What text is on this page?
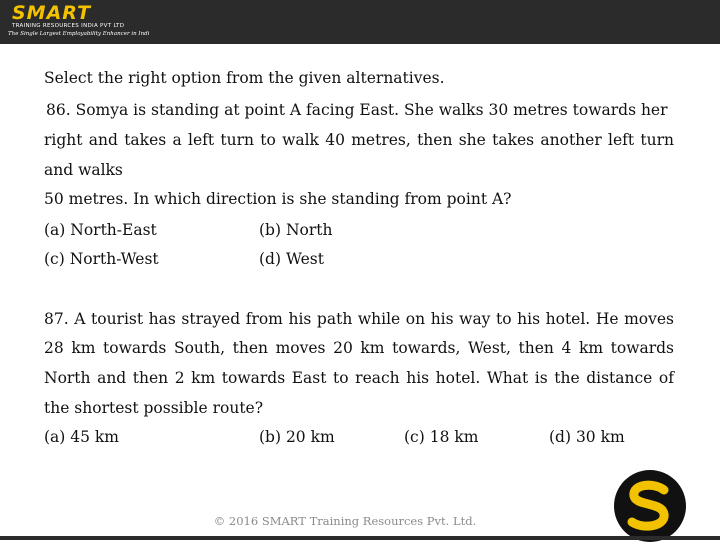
SMART
TRAINING RESOURCES INDIA PVT LTD
The Single Largest Employability Enhancer in Indi
Select the right option from the given alternatives.
86. Somya is standing at point A facing East. She walks 30 metres towards her
right and takes a left turn to walk 40 metres, then she takes another left turn
and walks
50 metres. In which direction is she standing from point A?
(a) North-East	(b) North
(c) North-West	(d) West
87. A tourist has strayed from his path while on his way to his hotel. He moves
28 km towards South, then moves 20 km towards, West, then 4 km towards
North and then 2 km towards East to reach his hotel. What is the distance of
the shortest possible route?
(a) 45 km	(b) 20 km	(c) 18 km	(d) 30 km
© 2016 SMART Training Resources Pvt. Ltd.
